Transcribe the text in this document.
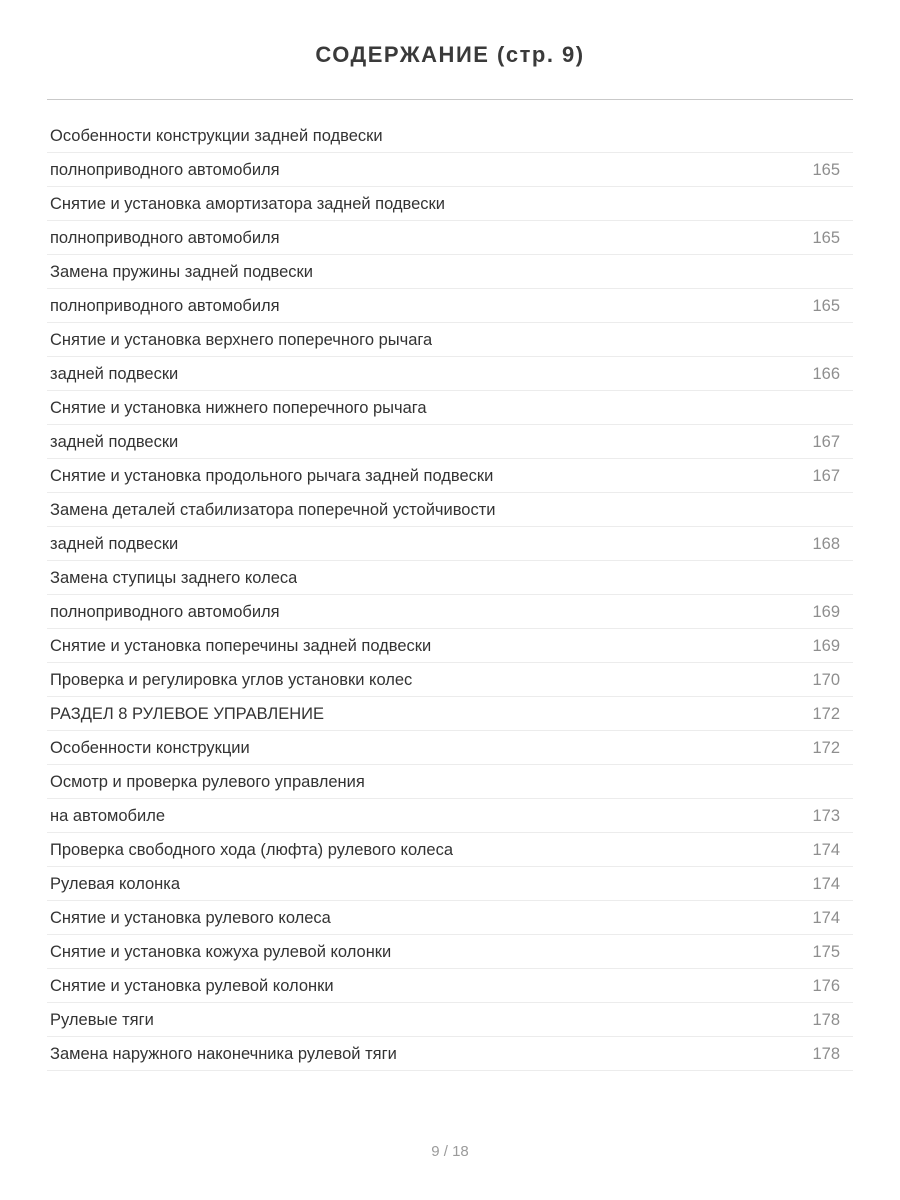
СОДЕРЖАНИЕ (стр. 9)
Особенности конструкции задней подвески
полноприводного автомобиля	165
Снятие и установка амортизатора задней подвески
полноприводного автомобиля	165
Замена пружины задней подвески
полноприводного автомобиля	165
Снятие и установка верхнего поперечного рычага
задней подвески	166
Снятие и установка нижнего поперечного рычага
задней подвески	167
Снятие и установка продольного рычага задней подвески	167
Замена деталей стабилизатора поперечной устойчивости
задней подвески	168
Замена ступицы заднего колеса
полноприводного автомобиля	169
Снятие и установка поперечины задней подвески	169
Проверка и регулировка углов установки колес	170
РАЗДЕЛ 8 РУЛЕВОЕ УПРАВЛЕНИЕ	172
Особенности конструкции	172
Осмотр и проверка рулевого управления
на автомобиле	173
Проверка свободного хода (люфта) рулевого колеса	174
Рулевая колонка	174
Снятие и установка рулевого колеса	174
Снятие и установка кожуха рулевой колонки	175
Снятие и установка рулевой колонки	176
Рулевые тяги	178
Замена наружного наконечника рулевой тяги	178
9 / 18
